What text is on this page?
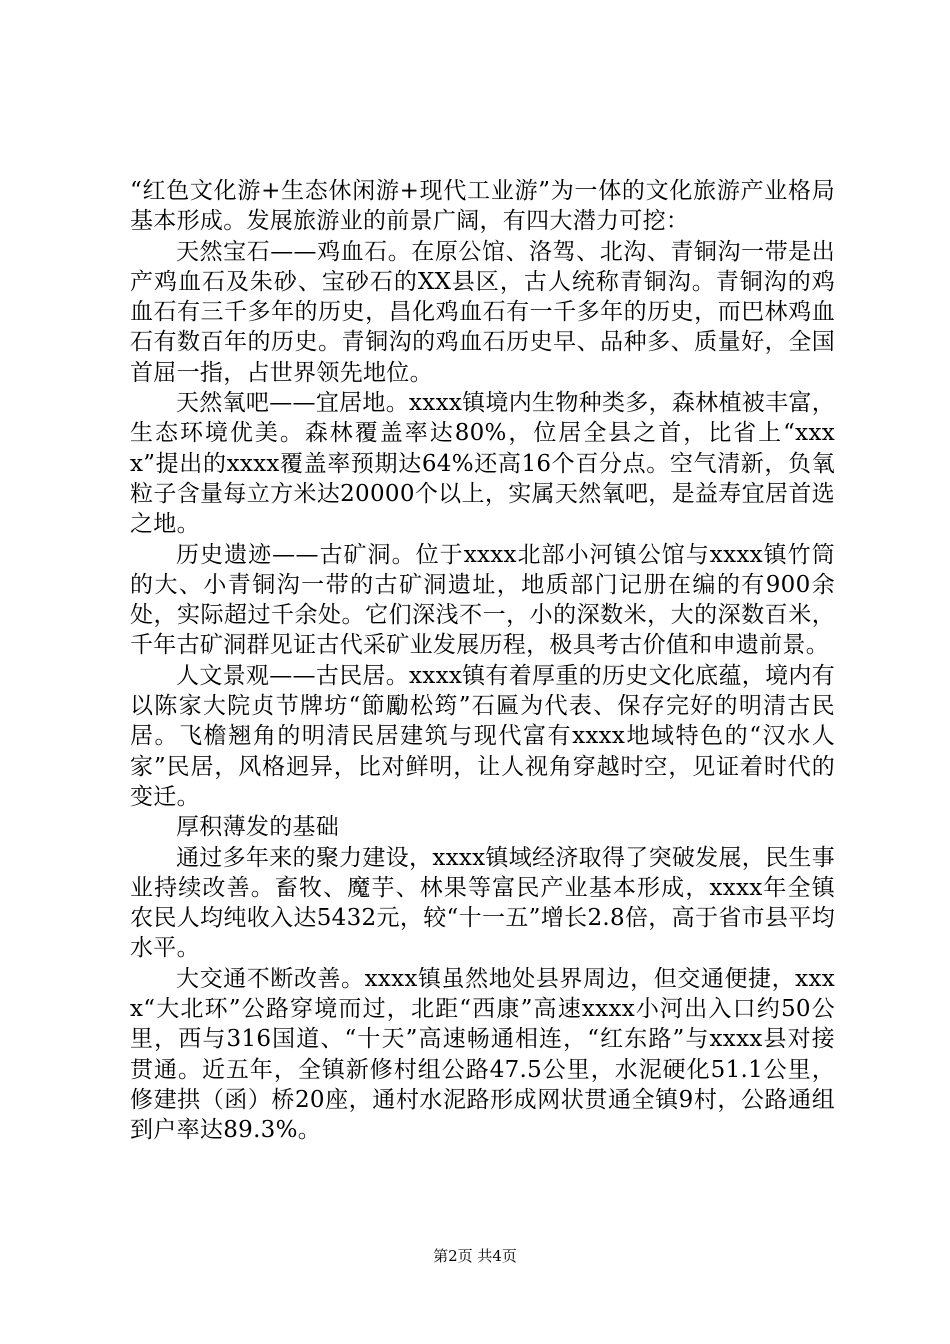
“红色文化游+生态休闲游+现代工业游”为一体的文化旅游产业格局基本形成。发展旅游业的前景广阔，有四大潜力可挖：

天然宝石——鸡血石。在原公馆、洛驾、北沟、青铜沟一带是出产鸡血石及朱砂、宝砂石的XX县区，古人统称青铜沟。青铜沟的鸡血石有三千多年的历史，昌化鸡血石有一千多年的历史，而巴林鸡血石有数百年的历史。青铜沟的鸡血石历史早、品种多、质量好，全国首屈一指，占世界领先地位。

天然氧吧——宜居地。xxxx镇境内生物种类多，森林植被丰富，生态环境优美。森林覆盖率达80%，位居全县之首，比省上“xxxx”提出的xxxx覆盖率预期达64%还高16个百分点。空气清新，负氧粒子含量每立方米达20000个以上，实属天然氧吧，是益寿宜居首选之地。

历史遗迹——古矿洞。位于xxxx北部小河镇公馆与xxxx镇竹筒的大、小青铜沟一带的古矿洞遗址，地质部门记册在编的有900余处，实际超过千余处。它们深浅不一，小的深数米，大的深数百米，千年古矿洞群见证古代采矿业发展历程，极具考古价值和申遗前景。

人文景观——古民居。xxxx镇有着厚重的历史文化底蕴，境内有以陈家大院贞节牌坊“節勵松筠”石匾为代表、保存完好的明清古民居。飞檐翘角的明清民居建筑与现代富有xxxx地域特色的“汉水人家”民居，风格迥异，比对鲜明，让人视角穿越时空，见证着时代的变迁。

厚积薄发的基础

通过多年来的聚力建设，xxxx镇域经济取得了突破发展，民生事业持续改善。畜牧、魔芋、林果等富民产业基本形成，xxxx年全镇农民人均纯收入达5432元，较“十一五”增长2.8倍，高于省市县平均水平。

大交通不断改善。xxxx镇虽然地处县界周边，但交通便捷，xxxx“大北环”公路穿境而过，北距“西康”高速xxxx小河出入口约50公里，西与316国道、“十天”高速畅通相连，“红东路”与xxxx县对接贯通。近五年，全镇新修村组公路47.5公里，水泥硬化51.1公里，修建拱（函）桥20座，通村水泥路形成网状贯通全镇9村，公路通组到户率达89.3%。

第2页 共4页
